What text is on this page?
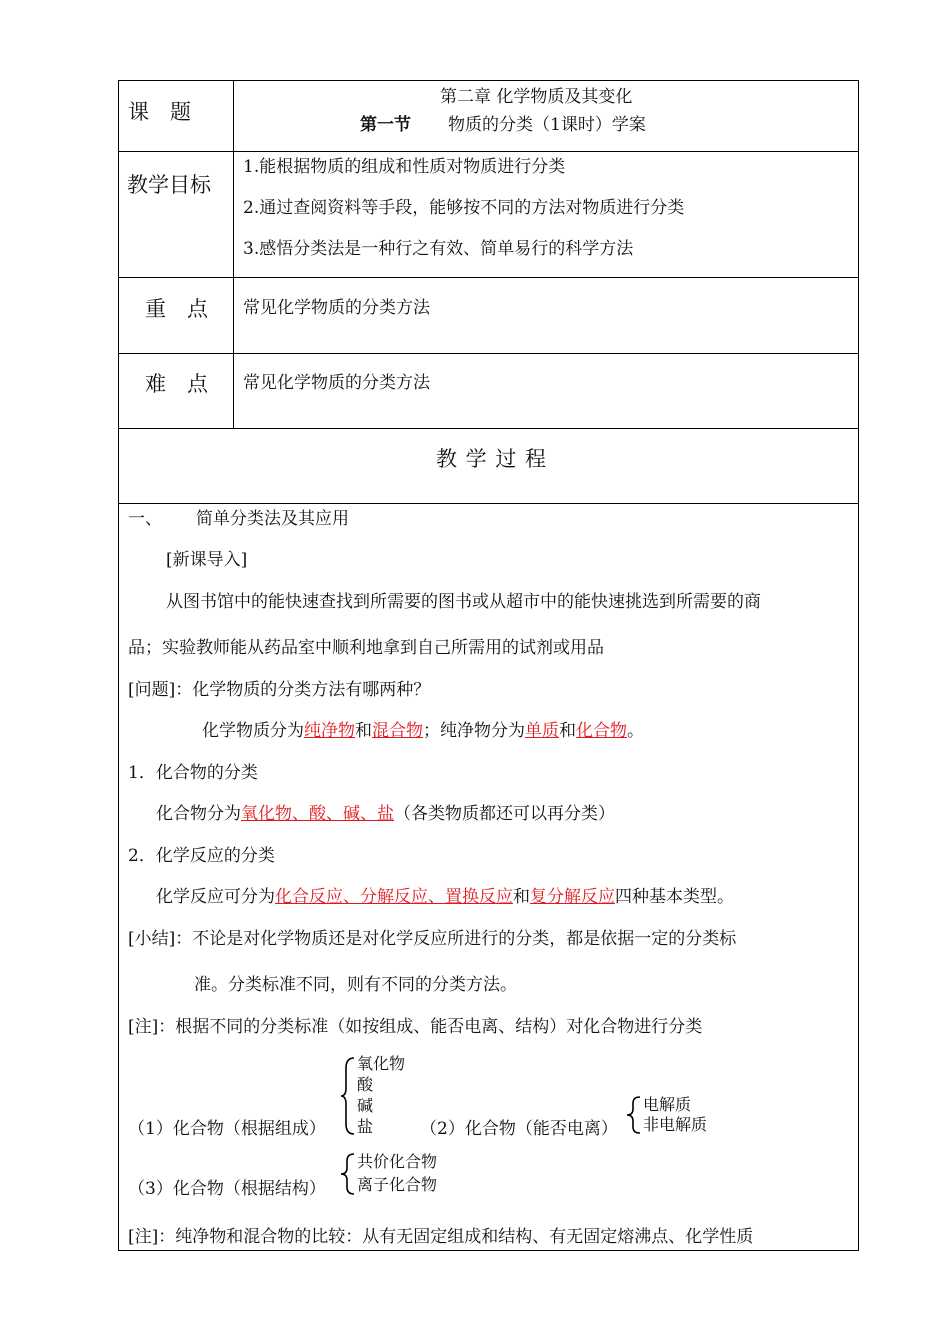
课　题
第二章 化学物质及其变化
第一节 物质的分类（1课时）学案
教学目标
1.能根据物质的组成和性质对物质进行分类
2.通过查阅资料等手段，能够按不同的方法对物质进行分类
3.感悟分类法是一种行之有效、简单易行的科学方法
重　点 常见化学物质的分类方法
难　点 常见化学物质的分类方法
教 学 过 程
一、 简单分类法及其应用
[新课导入]
从图书馆中的能快速查找到所需要的图书或从超市中的能快速挑选到所需要的商
品；实验教师能从药品室中顺利地拿到自己所需用的试剂或用品
[问题]：化学物质的分类方法有哪两种？
化学物质分为纯净物和混合物；纯净物分为单质和化合物。
1．化合物的分类
化合物分为氧化物、酸、碱、盐（各类物质都还可以再分类）
2．化学反应的分类
化学反应可分为化合反应、分解反应、置换反应和复分解反应四种基本类型。
[小结]：不论是对化学物质还是对化学反应所进行的分类，都是依据一定的分类标
准。分类标准不同，则有不同的分类方法。
[注]：根据不同的分类标准（如按组成、能否电离、结构）对化合物进行分类
（1）化合物（根据组成）
氧化物
酸
碱
盐	（2）化合物（能否电离）
电解质
非电解质
（3）化合物（根据结构）
共价化合物
离子化合物
[注]：纯净物和混合物的比较：从有无固定组成和结构、有无固定熔沸点、化学性质
